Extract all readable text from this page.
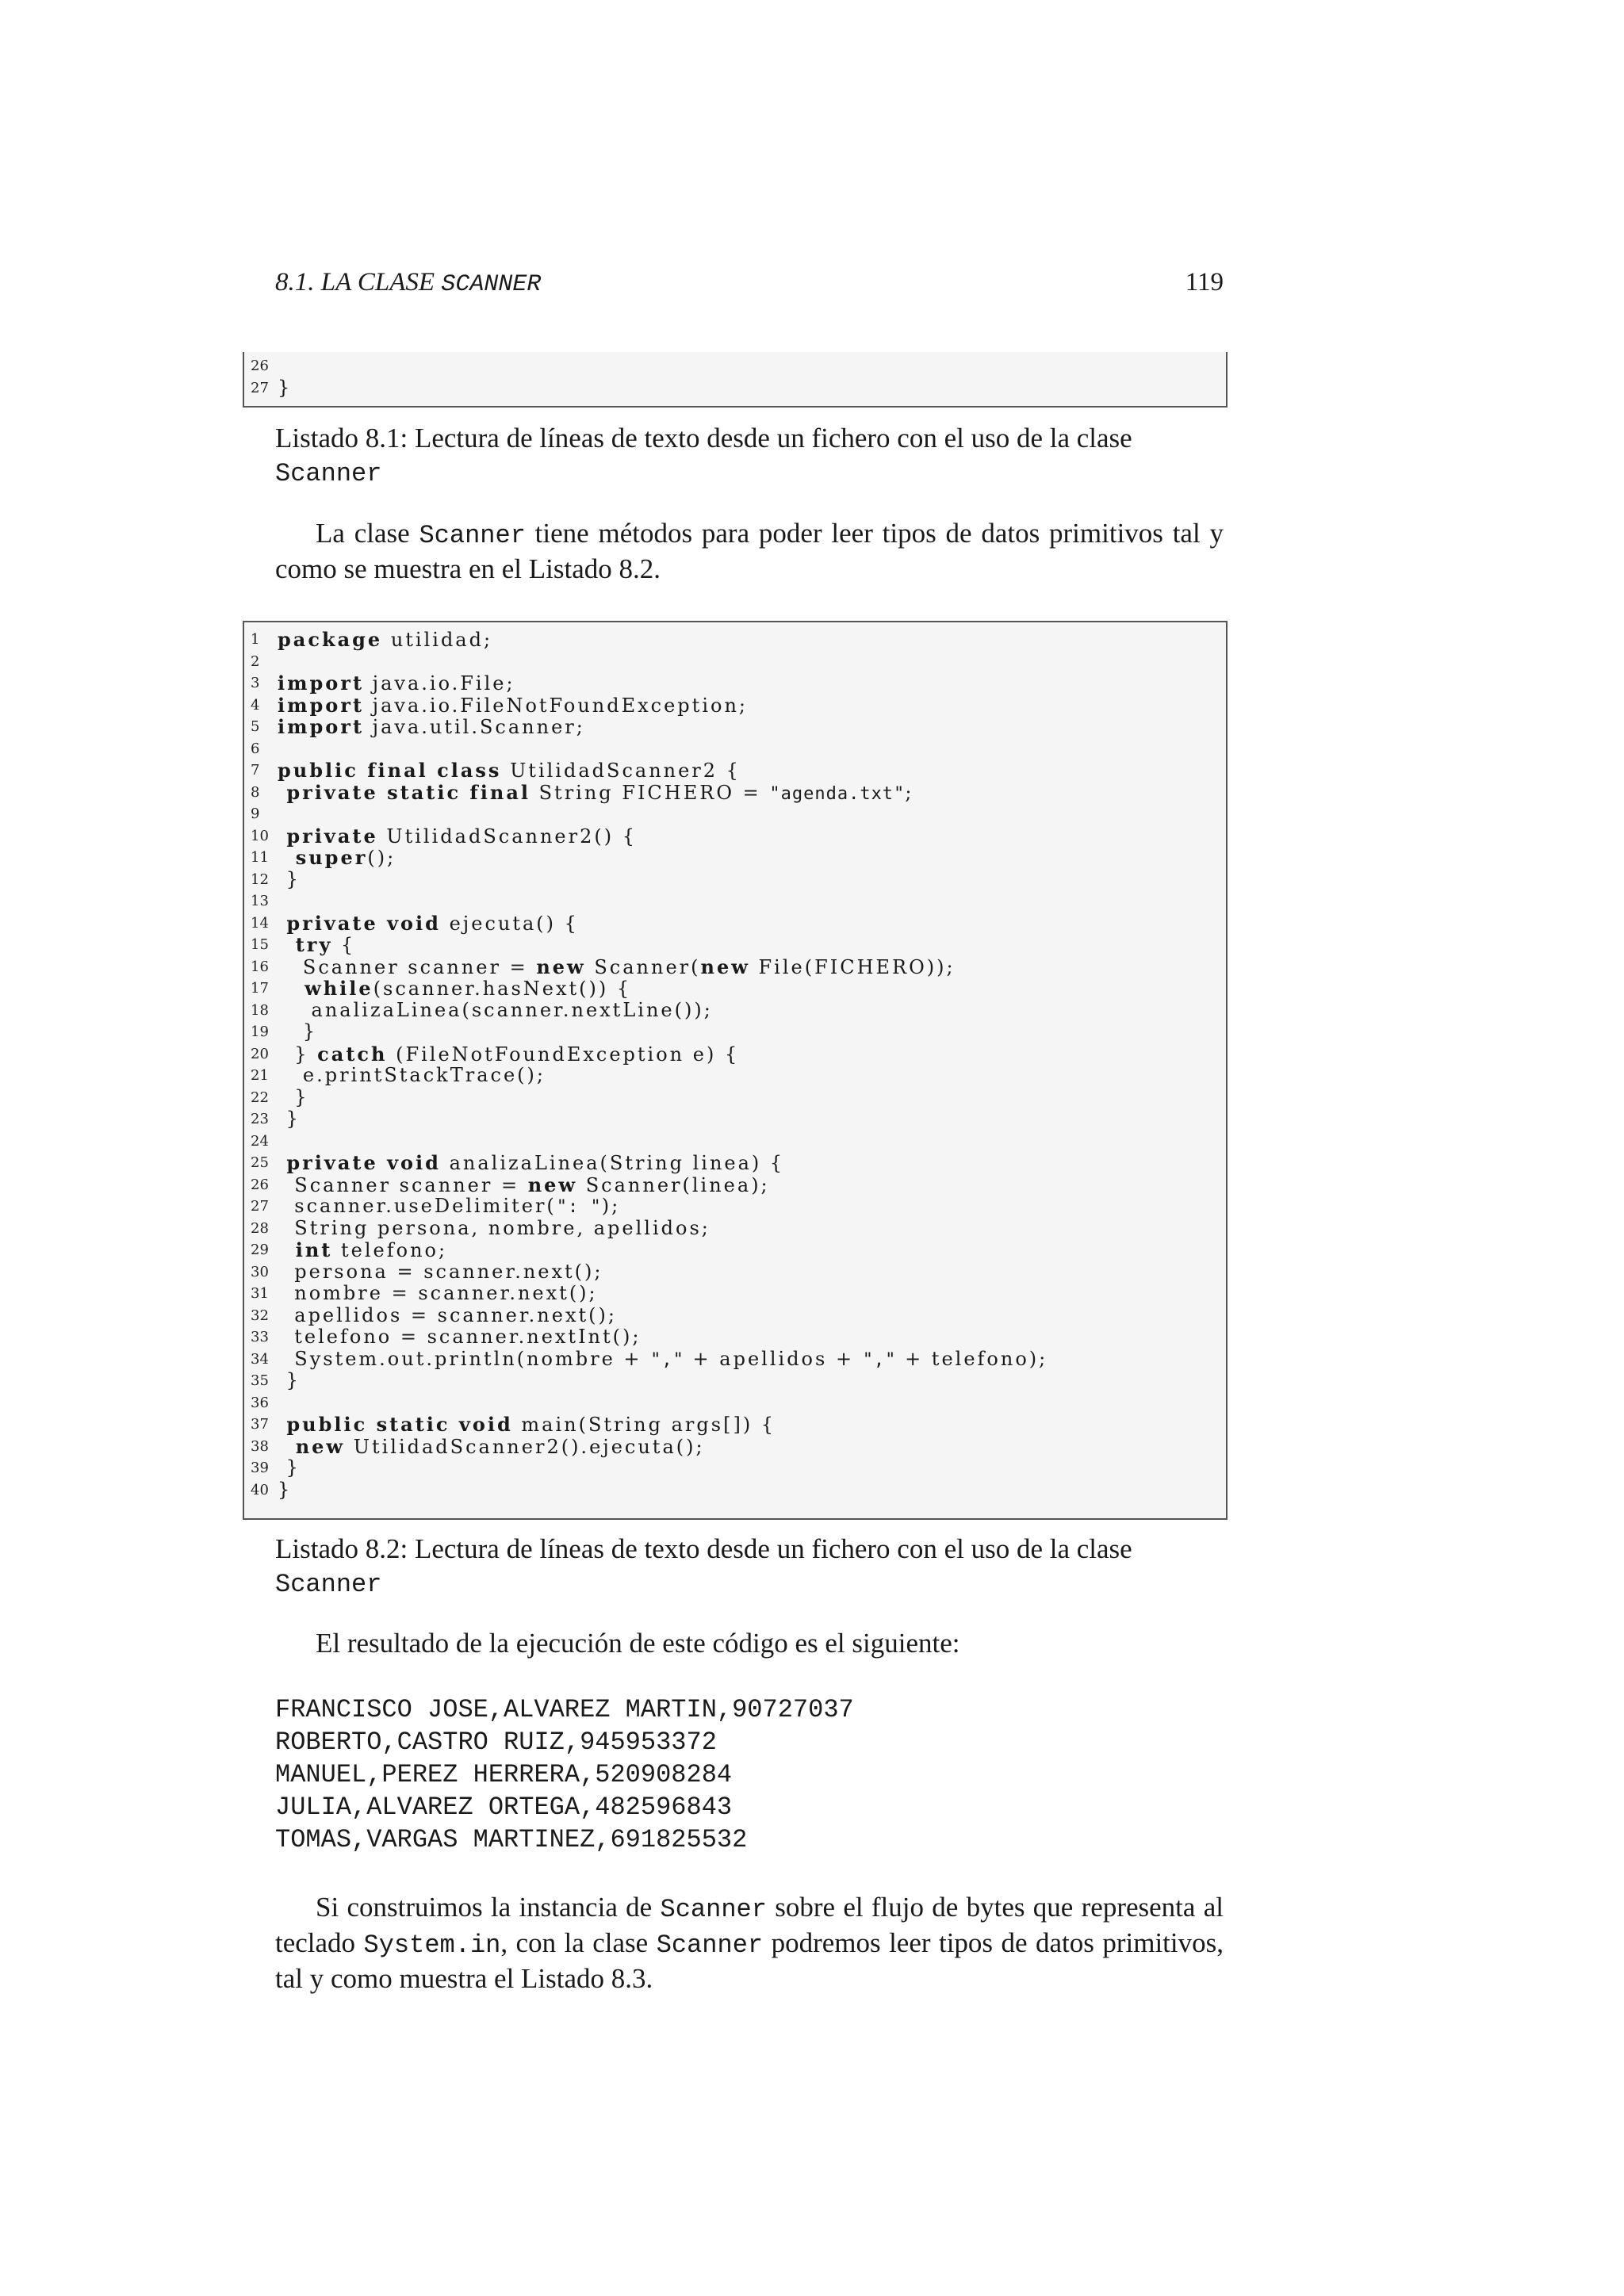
8.1. LA CLASE SCANNER	119
26
27 }
Listado 8.1: Lectura de líneas de texto desde un fichero con el uso de la clase
Scanner
La clase Scanner tiene métodos para poder leer tipos de datos primitivos tal y como se muestra en el Listado 8.2.
1 package utilidad;
2
3 import java.io.File;
4 import java.io.FileNotFoundException;
5 import java.util.Scanner;
6
7 public final class UtilidadScanner2 {
8 private static final String FICHERO = "agenda.txt";
9
10 private UtilidadScanner2() {
11 super();
12 }
13
14 private void ejecuta() {
15 try {
16 Scanner scanner = new Scanner(new File(FICHERO));
17 while(scanner.hasNext()) {
18 analizaLinea(scanner.nextLine());
19 }
20 } catch (FileNotFoundException e) {
21 e.printStackTrace();
22 }
23 }
24
25 private void analizaLinea(String linea) {
26 Scanner scanner = new Scanner(linea);
27 scanner.useDelimiter(": ");
28 String persona, nombre, apellidos;
29 int telefono;
30 persona = scanner.next();
31 nombre = scanner.next();
32 apellidos = scanner.next();
33 telefono = scanner.nextInt();
34 System.out.println(nombre + "," + apellidos + "," + telefono);
35 }
36
37 public static void main(String args[]) {
38 new UtilidadScanner2().ejecuta();
39 }
40 }
Listado 8.2: Lectura de líneas de texto desde un fichero con el uso de la clase
Scanner
El resultado de la ejecución de este código es el siguiente:
FRANCISCO JOSE,ALVAREZ MARTIN,90727037
ROBERTO,CASTRO RUIZ,945953372
MANUEL,PEREZ HERRERA,520908284
JULIA,ALVAREZ ORTEGA,482596843
TOMAS,VARGAS MARTINEZ,691825532
Si construimos la instancia de Scanner sobre el flujo de bytes que representa al teclado System.in, con la clase Scanner podremos leer tipos de datos primitivos, tal y como muestra el Listado 8.3.
